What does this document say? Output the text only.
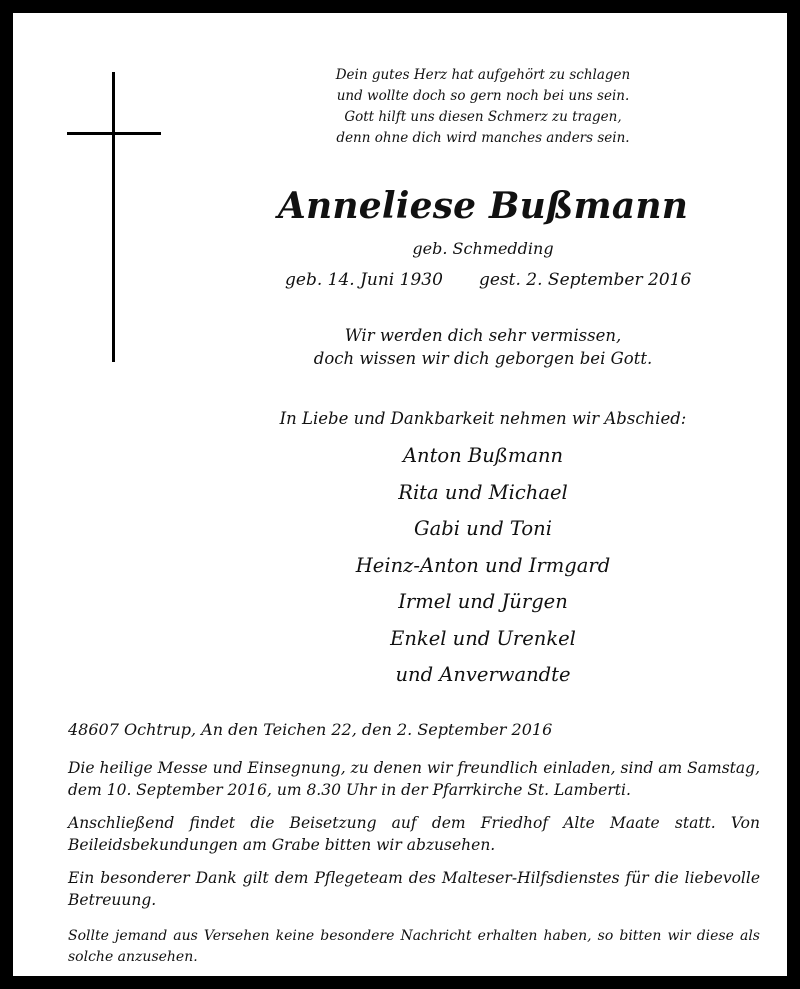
Dein gutes Herz hat aufgehört zu schlagen
und wollte doch so gern noch bei uns sein.
Gott hilft uns diesen Schmerz zu tragen,
denn ohne dich wird manches anders sein.
Anneliese Bußmann
geb. Schmedding
geb. 14. Juni 1930 gest. 2. September 2016
Wir werden dich sehr vermissen,
doch wissen wir dich geborgen bei Gott.
In Liebe und Dankbarkeit nehmen wir Abschied:
Anton Bußmann
Rita und Michael
Gabi und Toni
Heinz-Anton und Irmgard
Irmel und Jürgen
Enkel und Urenkel
und Anverwandte
48607 Ochtrup, An den Teichen 22, den 2. September 2016
Die heilige Messe und Einsegnung, zu denen wir freundlich einladen, sind am Samstag, dem 10. September 2016, um 8.30 Uhr in der Pfarrkirche St. Lamberti.
Anschließend findet die Beisetzung auf dem Friedhof Alte Maate statt. Von Beileidsbekundungen am Grabe bitten wir abzusehen.
Ein besonderer Dank gilt dem Pflegeteam des Malteser-Hilfsdienstes für die liebevolle Betreuung.
Sollte jemand aus Versehen keine besondere Nachricht erhalten haben, so bitten wir diese als solche anzusehen.
